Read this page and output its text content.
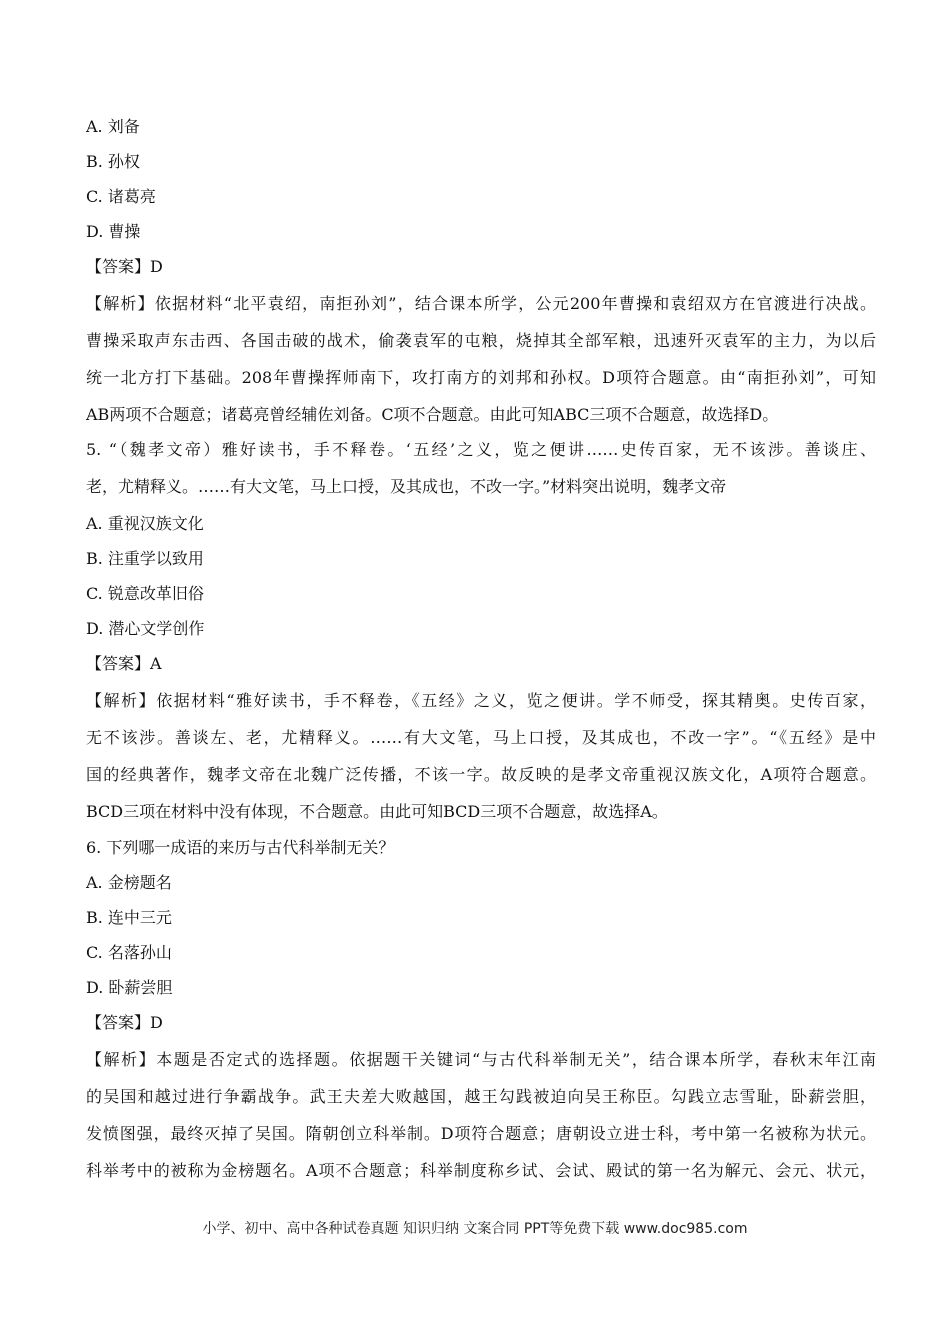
A. 刘备
B. 孙权
C. 诸葛亮
D. 曹操
【答案】D
【解析】依据材料“北平袁绍，南拒孙刘”，结合课本所学，公元200年曹操和袁绍双方在官渡进行决战。
曹操采取声东击西、各国击破的战术，偷袭袁军的屯粮，烧掉其全部军粮，迅速歼灭袁军的主力，为以后
统一北方打下基础。208年曹操挥师南下，攻打南方的刘邦和孙权。D项符合题意。由“南拒孙刘”，可知
AB两项不合题意；诸葛亮曾经辅佐刘备。C项不合题意。由此可知ABC三项不合题意，故选择D。
5. “（魏孝文帝）雅好读书，手不释卷。‘五经’之义，览之便讲……史传百家，无不该涉。善谈庄、
老，尤精释义。……有大文笔，马上口授，及其成也，不改一字。”材料突出说明，魏孝文帝
A. 重视汉族文化
B. 注重学以致用
C. 锐意改革旧俗
D. 潜心文学创作
【答案】A
【解析】依据材料“雅好读书，手不释卷，《五经》之义，览之便讲。学不师受，探其精奥。史传百家，
无不该涉。善谈左、老，尤精释义。……有大文笔，马上口授，及其成也，不改一字”。“《五经》是中
国的经典著作，魏孝文帝在北魏广泛传播，不该一字。故反映的是孝文帝重视汉族文化，A项符合题意。
BCD三项在材料中没有体现，不合题意。由此可知BCD三项不合题意，故选择A。
6. 下列哪一成语的来历与古代科举制无关？
A. 金榜题名
B. 连中三元
C. 名落孙山
D. 卧薪尝胆
【答案】D
【解析】本题是否定式的选择题。依据题干关键词“与古代科举制无关”，结合课本所学，春秋末年江南
的吴国和越过进行争霸战争。武王夫差大败越国，越王勾践被迫向吴王称臣。勾践立志雪耻，卧薪尝胆，
发愤图强，最终灭掉了吴国。隋朝创立科举制。D项符合题意；唐朝设立进士科，考中第一名被称为状元。
科举考中的被称为金榜题名。A项不合题意；科举制度称乡试、会试、殿试的第一名为解元、会元、状元，
小学、初中、高中各种试卷真题 知识归纳 文案合同 PPT等免费下载 www.doc985.com
